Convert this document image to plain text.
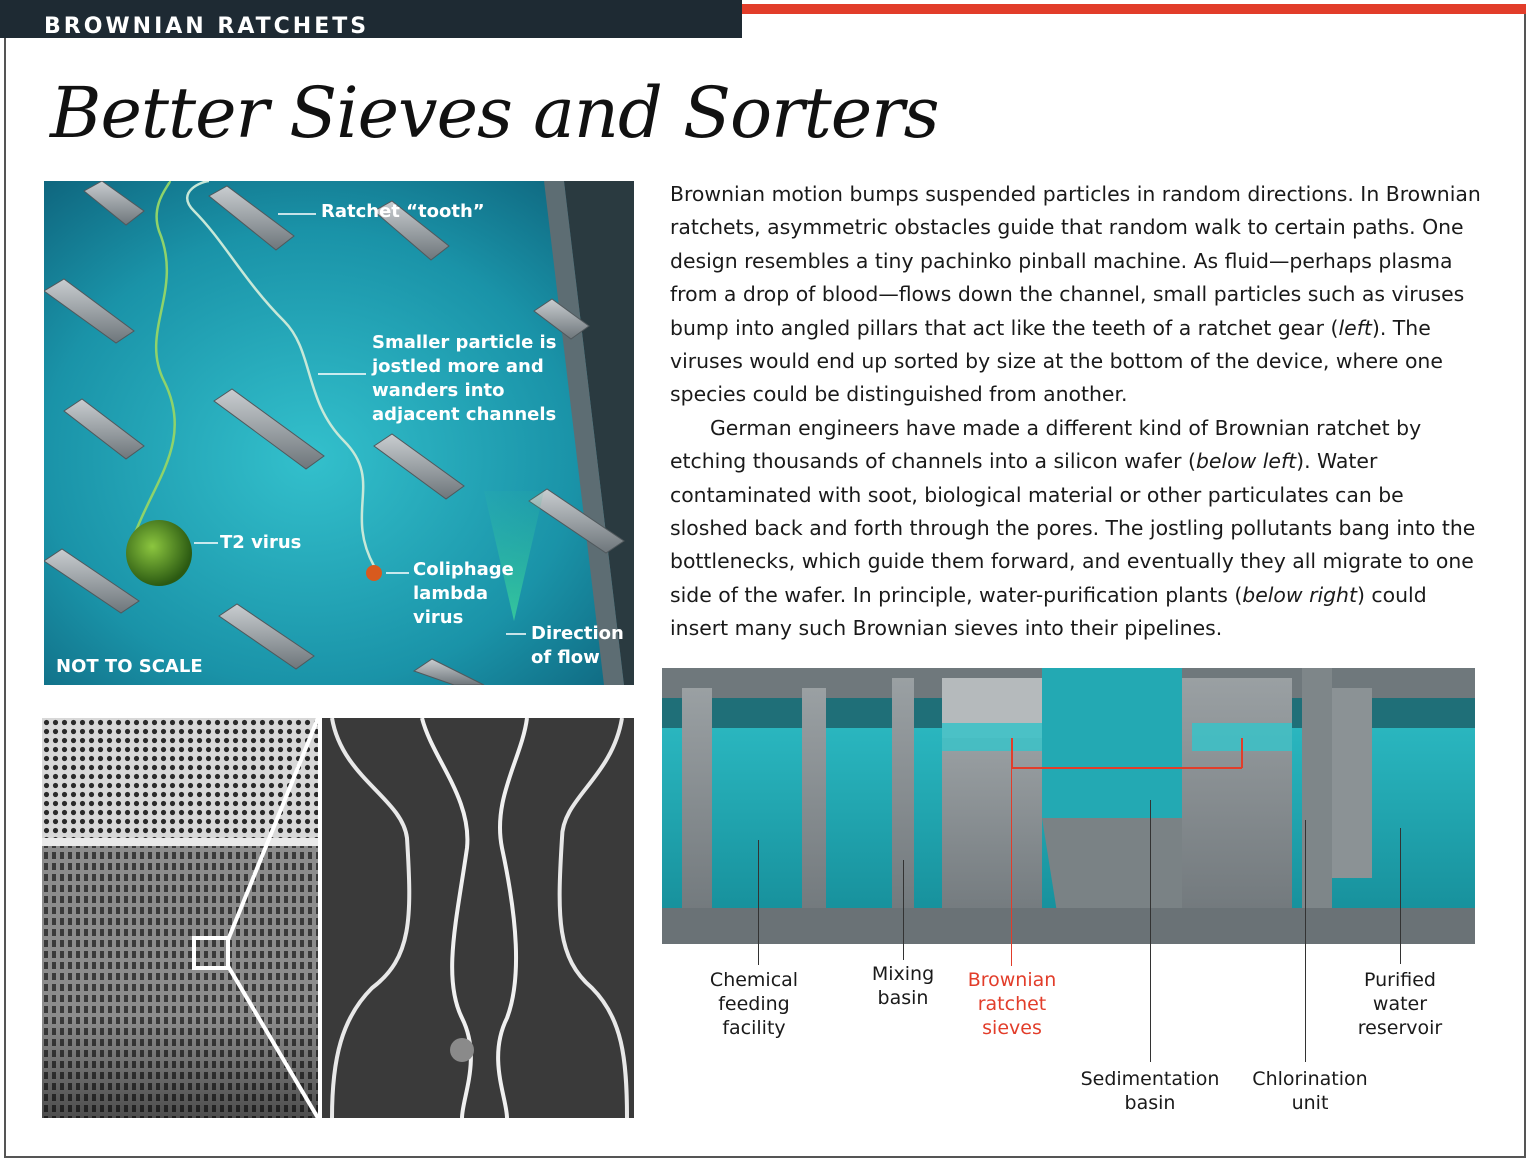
BROWNIAN RATCHETS
Better Sieves and Sorters
Ratchet “tooth”
Smaller particle is
jostled more and
wanders into
adjacent channels
T2 virus
Coliphage
lambda
virus
Direction
of flow
NOT TO SCALE

Brownian motion bumps suspended particles in random directions. In Brownian ratchets, asymmetric obstacles guide that random walk to certain paths. One design resembles a tiny pachinko pinball machine. As fluid—perhaps plasma from a drop of blood—flows down the channel, small particles such as viruses bump into angled pillars that act like the teeth of a ratchet gear (left). The viruses would end up sorted by size at the bottom of the device, where one species could be distinguished from another.

German engineers have made a different kind of Brownian ratchet by etching thousands of channels into a silicon wafer (below left). Water contaminated with soot, biological material or other particulates can be sloshed back and forth through the pores. The jostling pollutants bang into the bottlenecks, which guide them forward, and eventually they all migrate to one side of the wafer. In principle, water-purification plants (below right) could insert many such Brownian sieves into their pipelines.

Chemical
feeding
facility
Mixing
basin
Brownian
ratchet
sieves
Sedimentation
basin
Chlorination
unit
Purified
water
reservoir
